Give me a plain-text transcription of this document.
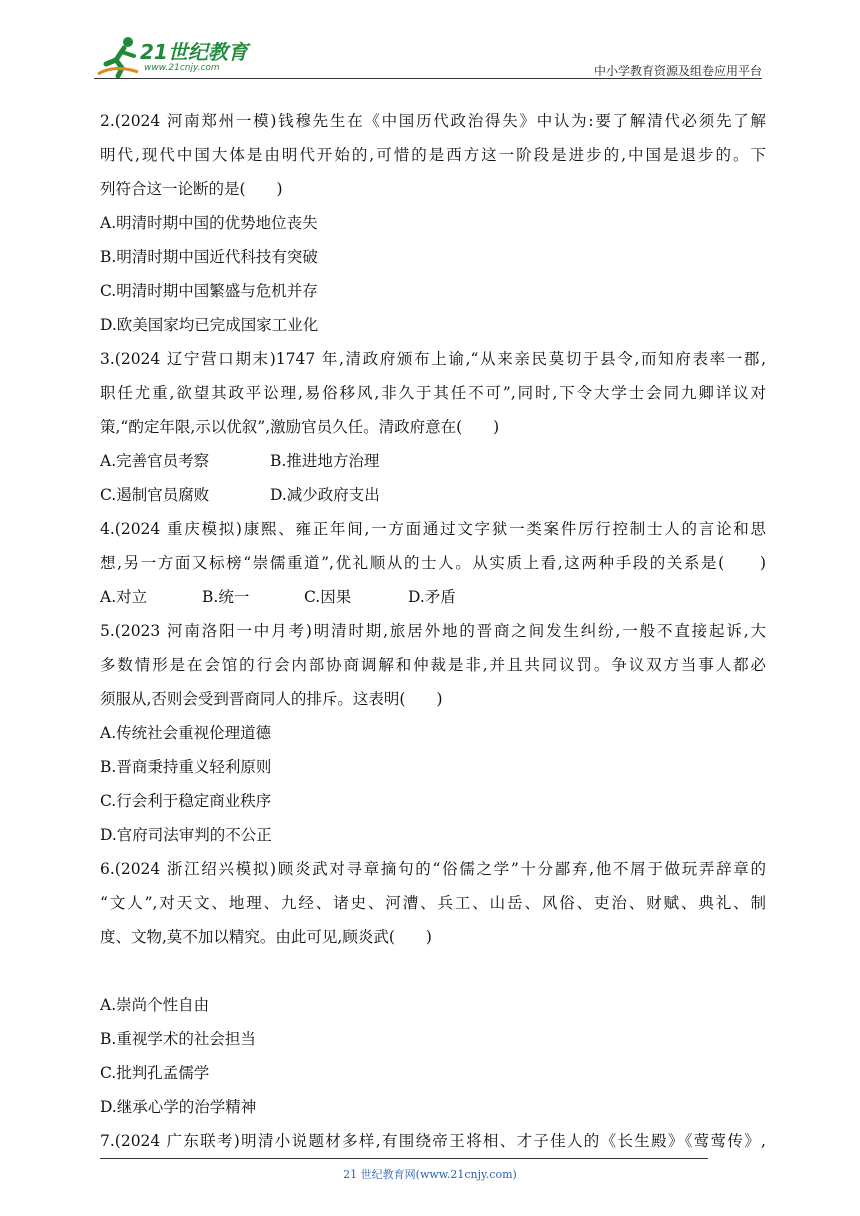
21世纪教育
www.21cnjy.com	中小学教育资源及组卷应用平台
2.(2024 河南郑州一模)钱穆先生在《中国历代政治得失》中认为:要了解清代必须先了解
明代,现代中国大体是由明代开始的,可惜的是西方这一阶段是进步的,中国是退步的。下
列符合这一论断的是(　　)
A.明清时期中国的优势地位丧失
B.明清时期中国近代科技有突破
C.明清时期中国繁盛与危机并存
D.欧美国家均已完成国家工业化
3.(2024 辽宁营口期末)1747 年,清政府颁布上谕,“从来亲民莫切于县令,而知府表率一郡,
职任尤重,欲望其政平讼理,易俗移风,非久于其任不可”,同时,下令大学士会同九卿详议对
策,“酌定年限,示以优叙”,激励官员久任。清政府意在(　　)
A.完善官员考察	B.推进地方治理
C.遏制官员腐败	D.减少政府支出
4.(2024 重庆模拟)康熙、雍正年间,一方面通过文字狱一类案件厉行控制士人的言论和思
想,另一方面又标榜“崇儒重道”,优礼顺从的士人。从实质上看,这两种手段的关系是(　　)
A.对立	B.统一	C.因果	D.矛盾
5.(2023 河南洛阳一中月考)明清时期,旅居外地的晋商之间发生纠纷,一般不直接起诉,大
多数情形是在会馆的行会内部协商调解和仲裁是非,并且共同议罚。争议双方当事人都必
须服从,否则会受到晋商同人的排斥。这表明(　　)
A.传统社会重视伦理道德
B.晋商秉持重义轻利原则
C.行会利于稳定商业秩序
D.官府司法审判的不公正
6.(2024 浙江绍兴模拟)顾炎武对寻章摘句的“俗儒之学”十分鄙弃,他不屑于做玩弄辞章的
“文人”,对天文、地理、九经、诸史、河漕、兵工、山岳、风俗、吏治、财赋、典礼、制
度、文物,莫不加以精究。由此可见,顾炎武(　　)
A.崇尚个性自由
B.重视学术的社会担当
C.批判孔孟儒学
D.继承心学的治学精神
7.(2024 广东联考)明清小说题材多样,有围绕帝王将相、才子佳人的《长生殿》《莺莺传》,
21 世纪教育网(www.21cnjy.com)
